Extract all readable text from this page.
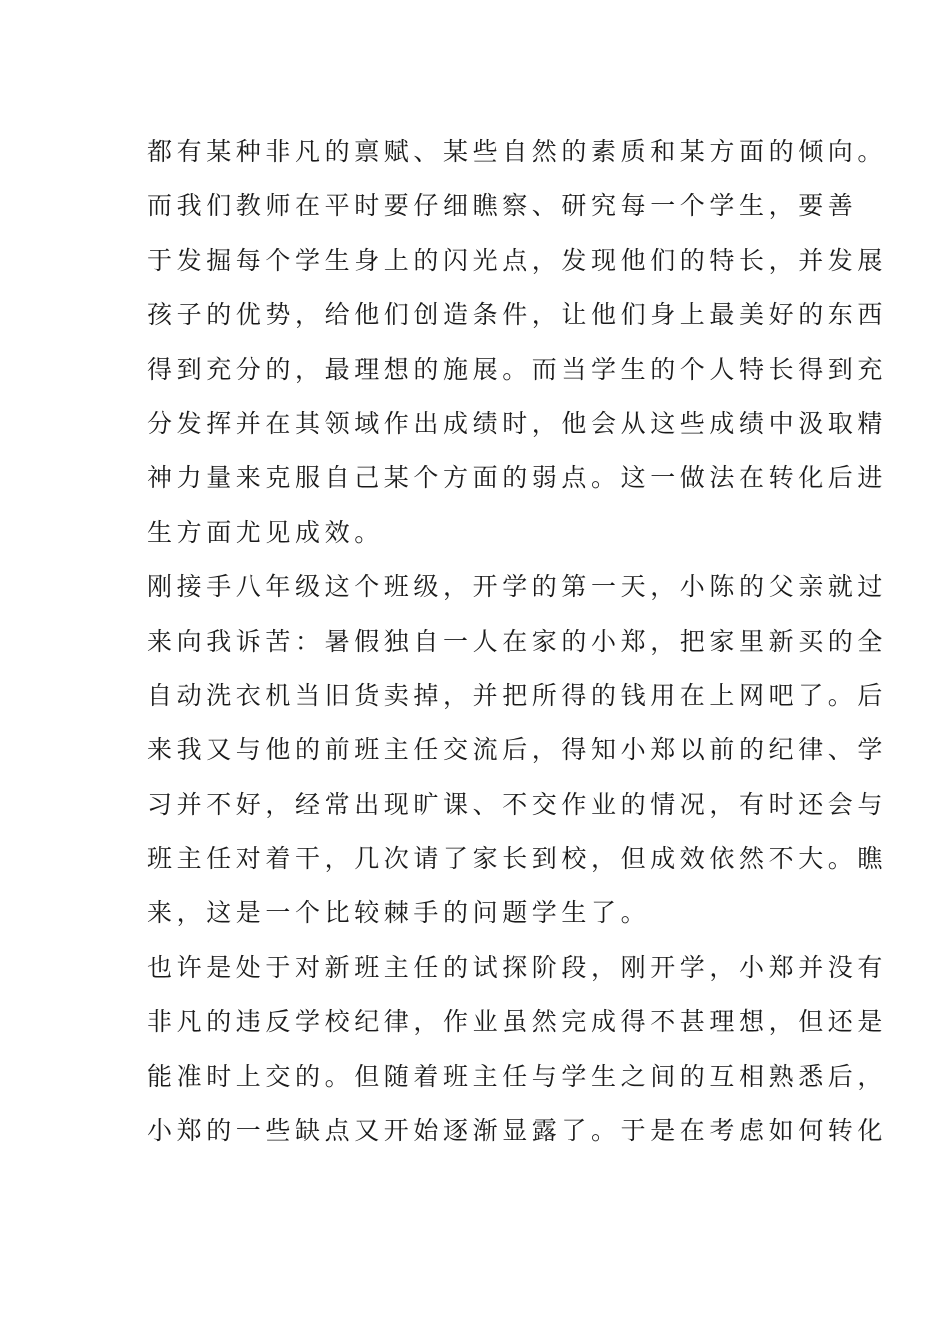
都有某种非凡的禀赋、某些自然的素质和某方面的倾向。
而我们教师在平时要仔细瞧察、研究每一个学生，要善
于发掘每个学生身上的闪光点，发现他们的特长，并发展
孩子的优势，给他们创造条件，让他们身上最美好的东西
得到充分的，最理想的施展。而当学生的个人特长得到充
分发挥并在其领域作出成绩时，他会从这些成绩中汲取精
神力量来克服自己某个方面的弱点。这一做法在转化后进
生方面尤见成效。
刚接手八年级这个班级，开学的第一天，小陈的父亲就过
来向我诉苦：暑假独自一人在家的小郑，把家里新买的全
自动洗衣机当旧货卖掉，并把所得的钱用在上网吧了。后
来我又与他的前班主任交流后，得知小郑以前的纪律、学
习并不好，经常出现旷课、不交作业的情况，有时还会与
班主任对着干，几次请了家长到校，但成效依然不大。瞧
来，这是一个比较棘手的问题学生了。
也许是处于对新班主任的试探阶段，刚开学，小郑并没有
非凡的违反学校纪律，作业虽然完成得不甚理想，但还是
能准时上交的。但随着班主任与学生之间的互相熟悉后，
小郑的一些缺点又开始逐渐显露了。于是在考虑如何转化
